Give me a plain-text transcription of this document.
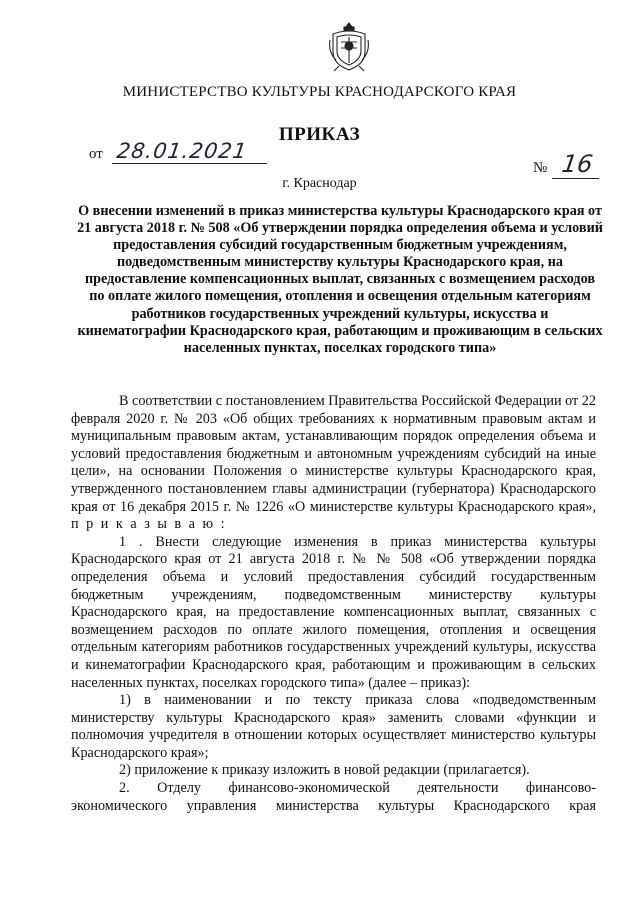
МИНИСТЕРСТВО КУЛЬТУРЫ КРАСНОДАРСКОГО КРАЯ
ПРИКАЗ
от 28.01.2021
№ 16
г. Краснодар

О внесении изменений в приказ министерства культуры Краснодарского края от 21 августа 2018 г. № 508 «Об утверждении порядка определения объема и условий предоставления субсидий государственным бюджетным учреждениям, подведомственным министерству культуры Краснодарского края, на предоставление компенсационных выплат, связанных с возмещением расходов по оплате жилого помещения, отопления и освещения отдельным категориям работников государственных учреждений культуры, искусства и кинематографии Краснодарского края, работающим и проживающим в сельских населенных пунктах, поселках городского типа»

В соответствии с постановлением Правительства Российской Федерации от 22 февраля 2020 г. № 203 «Об общих требованиях к нормативным правовым актам и муниципальным правовым актам, устанавливающим порядок определения объема и условий предоставления бюджетным и автономным учреждениям субсидий на иные цели», на основании Положения о министерстве культуры Краснодарского края, утвержденного постановлением главы администрации (губернатора) Краснодарского края от 16 декабря 2015 г. № 1226 «О министерстве культуры Краснодарского края», п р и к а з ы в а ю :

1 . Внести следующие изменения в приказ министерства культуры Краснодарского края от 21 августа 2018 г. № № 508 «Об утверждении порядка определения объема и условий предоставления субсидий государственным бюджетным учреждениям, подведомственным министерству культуры Краснодарского края, на предоставление компенсационных выплат, связанных с возмещением расходов по оплате жилого помещения, отопления и освещения отдельным категориям работников государственных учреждений культуры, искусства и кинематографии Краснодарского края, работающим и проживающим в сельских населенных пунктах, поселках городского типа» (далее – приказ):

1) в наименовании и по тексту приказа слова «подведомственным министерству культуры Краснодарского края» заменить словами «функции и полномочия учредителя в отношении которых осуществляет министерство культуры Краснодарского края»;

2) приложение к приказу изложить в новой редакции (прилагается).

2. Отделу финансово-экономической деятельности финансово-экономического управления министерства культуры Краснодарского края
